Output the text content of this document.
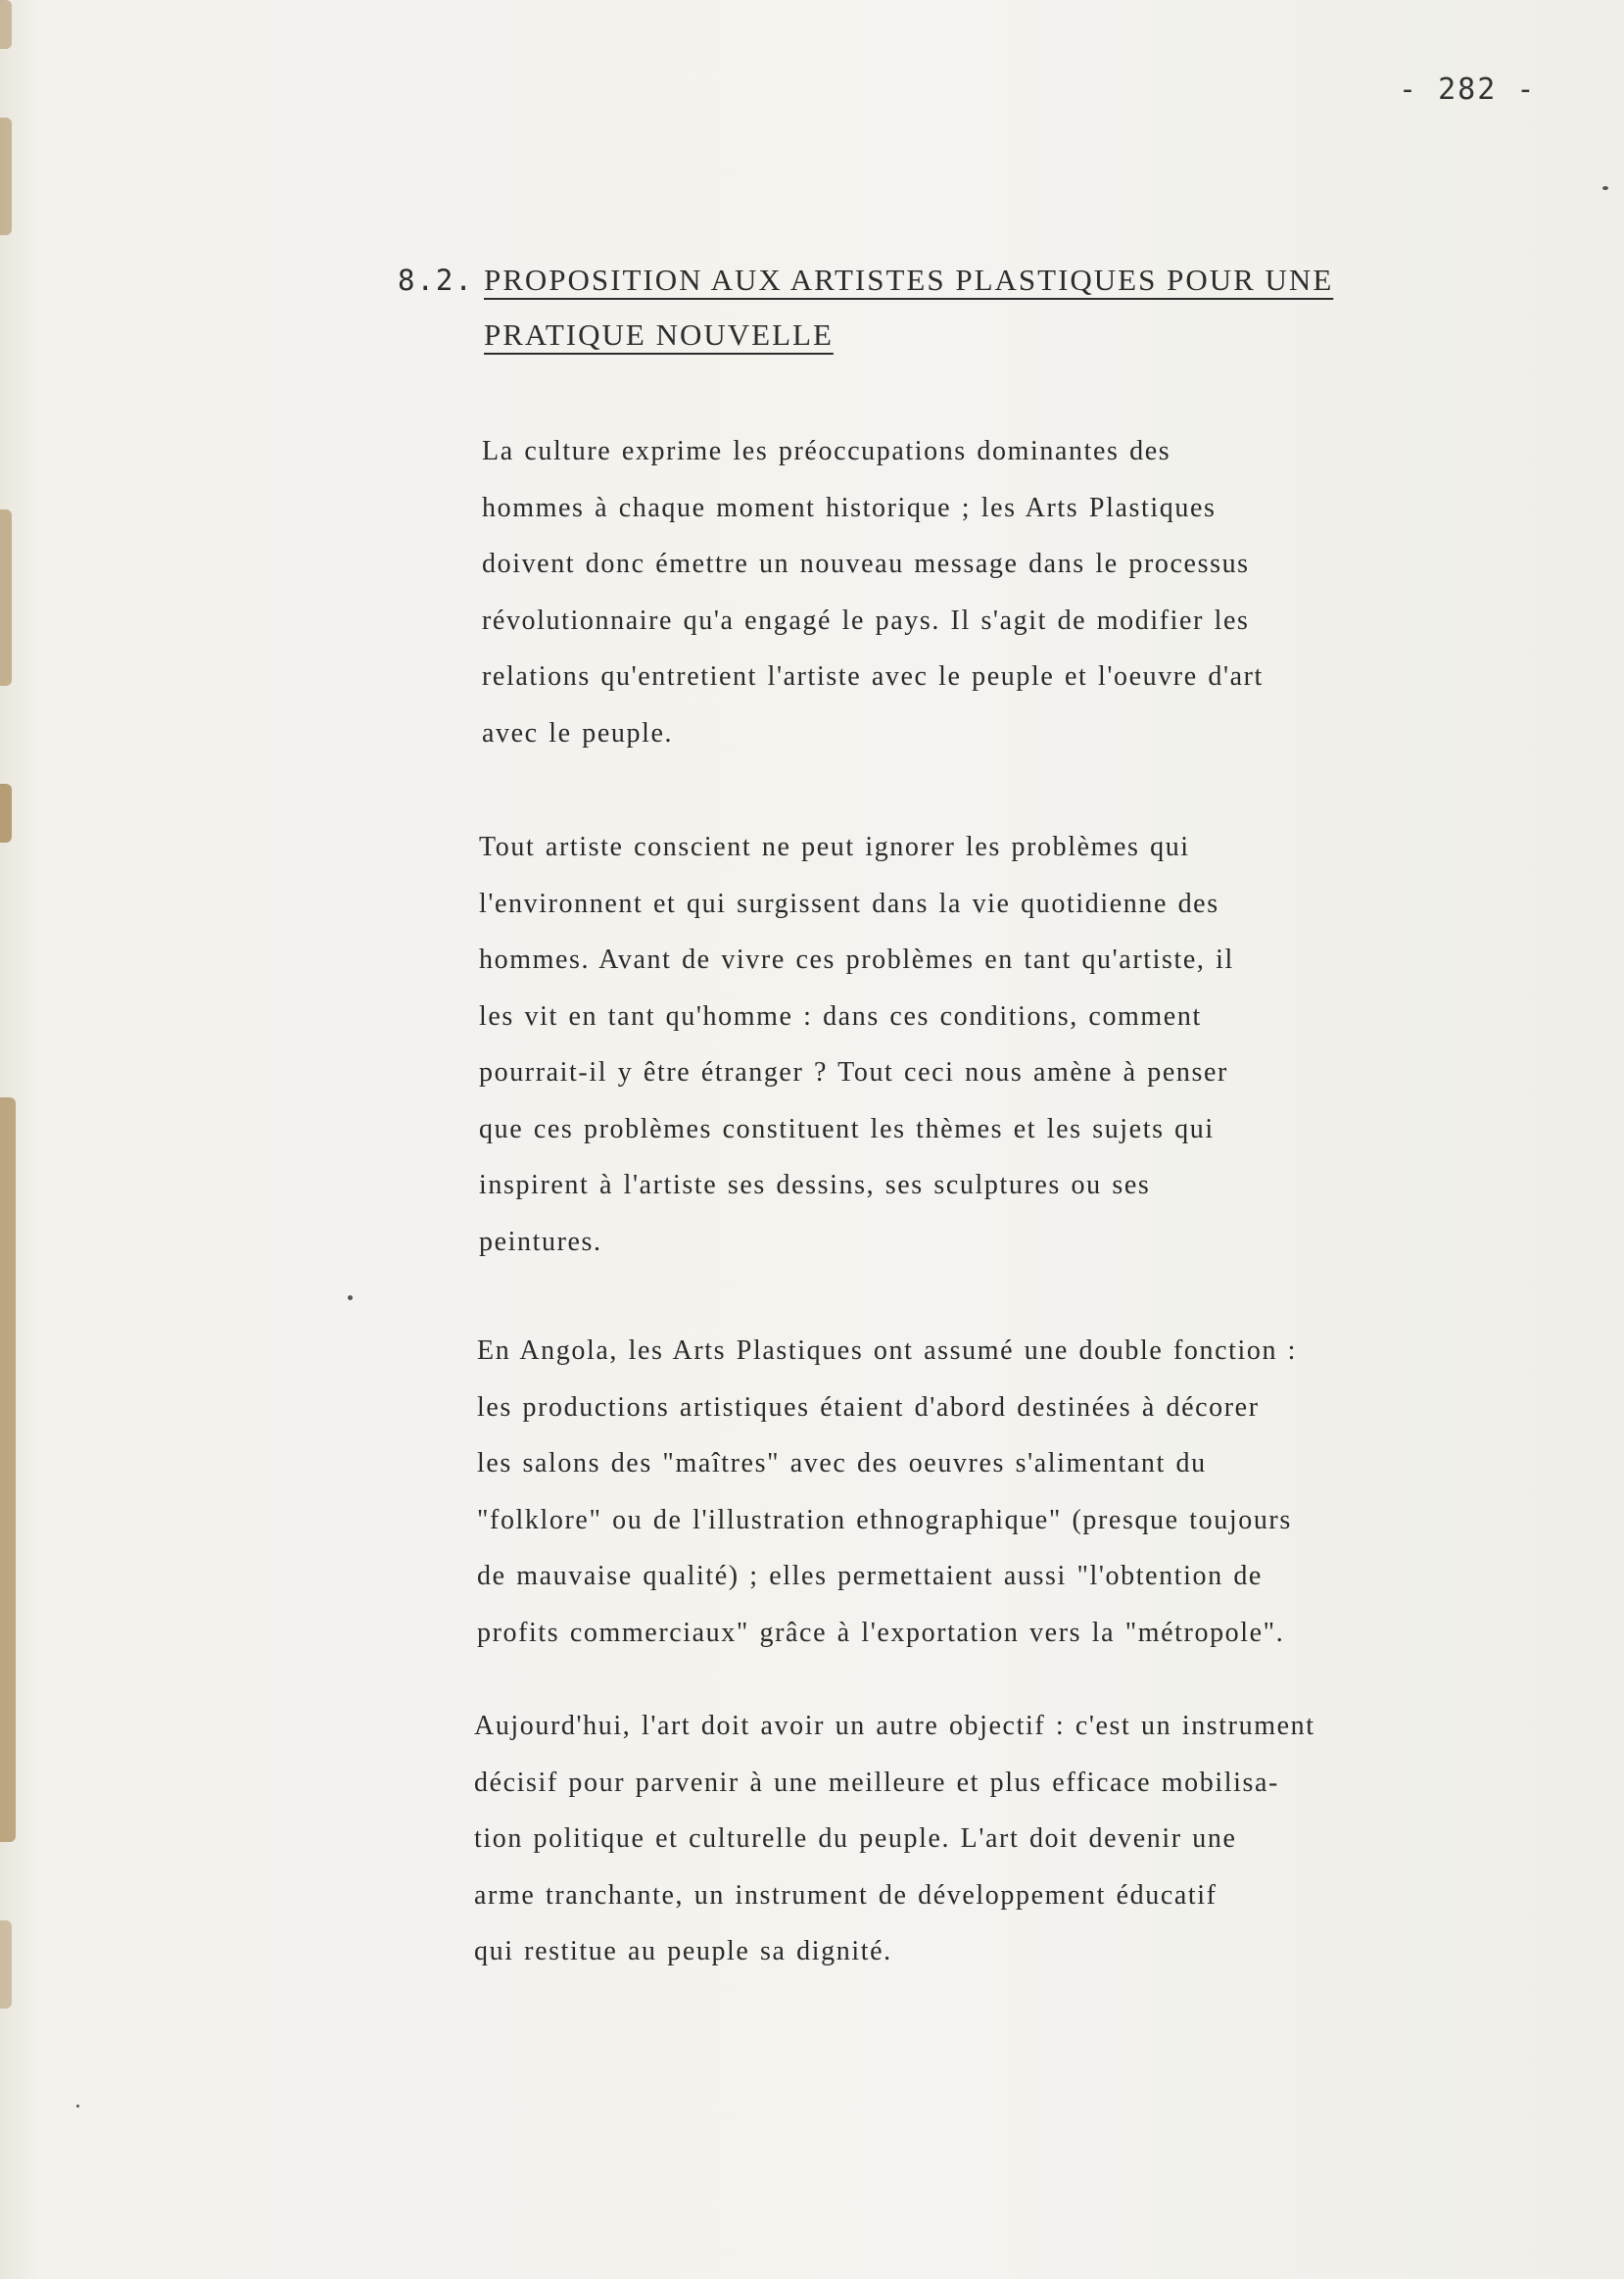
- 282 -
8.2. PROPOSITION AUX ARTISTES PLASTIQUES POUR UNE
PRATIQUE NOUVELLE
La culture exprime les préoccupations dominantes des
hommes à chaque moment historique ; les Arts Plastiques
doivent donc émettre un nouveau message dans le processus
révolutionnaire qu'a engagé le pays. Il s'agit de modifier les
relations qu'entretient l'artiste avec le peuple et l'oeuvre d'art
avec le peuple.
Tout artiste conscient ne peut ignorer les problèmes qui
l'environnent et qui surgissent dans la vie quotidienne des
hommes. Avant de vivre ces problèmes en tant qu'artiste, il
les vit en tant qu'homme : dans ces conditions, comment
pourrait-il y être étranger ? Tout ceci nous amène à penser
que ces problèmes constituent les thèmes et les sujets qui
inspirent à l'artiste ses dessins, ses sculptures ou ses
peintures.
En Angola, les Arts Plastiques ont assumé une double fonction :
les productions artistiques étaient d'abord destinées à décorer
les salons des "maîtres" avec des oeuvres s'alimentant du
"folklore" ou de l'illustration ethnographique" (presque toujours
de mauvaise qualité) ; elles permettaient aussi "l'obtention de
profits commerciaux" grâce à l'exportation vers la "métropole".
Aujourd'hui, l'art doit avoir un autre objectif : c'est un instrument
décisif pour parvenir à une meilleure et plus efficace mobilisa-
tion politique et culturelle du peuple. L'art doit devenir une
arme tranchante, un instrument de développement éducatif
qui restitue au peuple sa dignité.
